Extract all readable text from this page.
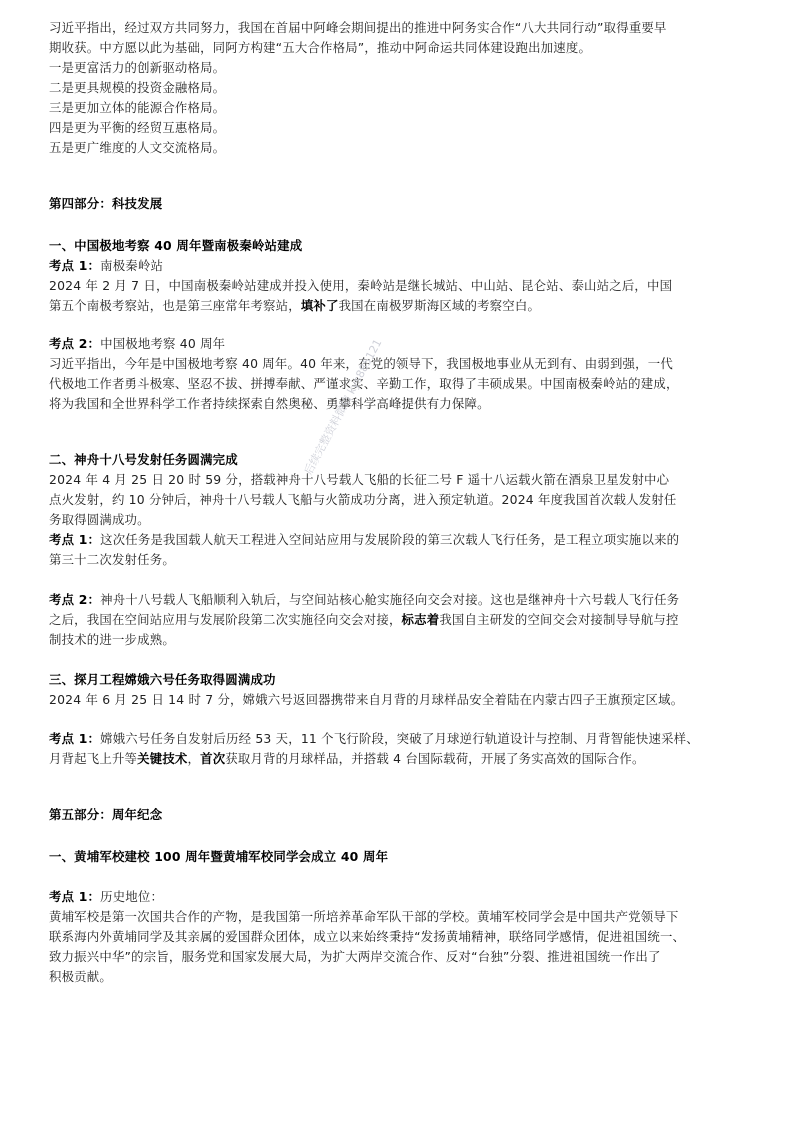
习近平指出，经过双方共同努力，我国在首届中阿峰会期间提出的推进中阿务实合作“八大共同行动”取得重要早
期收获。中方愿以此为基础，同阿方构建“五大合作格局”，推动中阿命运共同体建设跑出加速度。
一是更富活力的创新驱动格局。
二是更具规模的投资金融格局。
三是更加立体的能源合作格局。
四是更为平衡的经贸互惠格局。
五是更广维度的人文交流格局。
第四部分：科技发展
一、中国极地考察 40 周年暨南极秦岭站建成
考点 1：南极秦岭站
2024 年 2 月 7 日，中国南极秦岭站建成并投入使用，秦岭站是继长城站、中山站、昆仑站、泰山站之后，中国
第五个南极考察站，也是第三座常年考察站，填补了我国在南极罗斯海区域的考察空白。
考点 2：中国极地考察 40 周年
习近平指出，今年是中国极地考察 40 周年。40 年来，在党的领导下，我国极地事业从无到有、由弱到强，一代
代极地工作者勇斗极寒、坚忍不拔、拼搏奉献、严谨求实、辛勤工作，取得了丰硕成果。中国南极秦岭站的建成，
将为我国和全世界科学工作者持续探索自然奥秘、勇攀科学高峰提供有力保障。
二、神舟十八号发射任务圆满完成
2024 年 4 月 25 日 20 时 59 分，搭载神舟十八号载人飞船的长征二号 F 遥十八运载火箭在酒泉卫星发射中心
点火发射，约 10 分钟后，神舟十八号载人飞船与火箭成功分离，进入预定轨道。2024 年度我国首次载人发射任
务取得圆满成功。
考点 1：这次任务是我国载人航天工程进入空间站应用与发展阶段的第三次载人飞行任务，是工程立项实施以来的
第三十二次发射任务。
考点 2：神舟十八号载人飞船顺利入轨后，与空间站核心舱实施径向交会对接。这也是继神舟十六号载人飞行任务
之后，我国在空间站应用与发展阶段第二次实施径向交会对接，标志着我国自主研发的空间交会对接制导导航与控
制技术的进一步成熟。
三、探月工程嫦娥六号任务取得圆满成功
2024 年 6 月 25 日 14 时 7 分，嫦娥六号返回器携带来自月背的月球样品安全着陆在内蒙古四子王旗预定区域。
考点 1：嫦娥六号任务自发射后历经 53 天，11 个飞行阶段，突破了月球逆行轨道设计与控制、月背智能快速采样、
月背起飞上升等关键技术，首次获取月背的月球样品，并搭载 4 台国际载荷，开展了务实高效的国际合作。
第五部分：周年纪念
一、黄埔军校建校 100 周年暨黄埔军校同学会成立 40 周年
考点 1：历史地位：
黄埔军校是第一次国共合作的产物，是我国第一所培养革命军队干部的学校。黄埔军校同学会是中国共产党领导下
联系海内外黄埔同学及其亲属的爱国群众团体，成立以来始终秉持“发扬黄埔精神，联络同学感情，促进祖国统一、
致力振兴中华”的宗旨，服务党和国家发展大局，为扩大两岸交流合作、反对“台独”分裂、推进祖国统一作出了
积极贡献。
后续完整资料微信 kys885121
